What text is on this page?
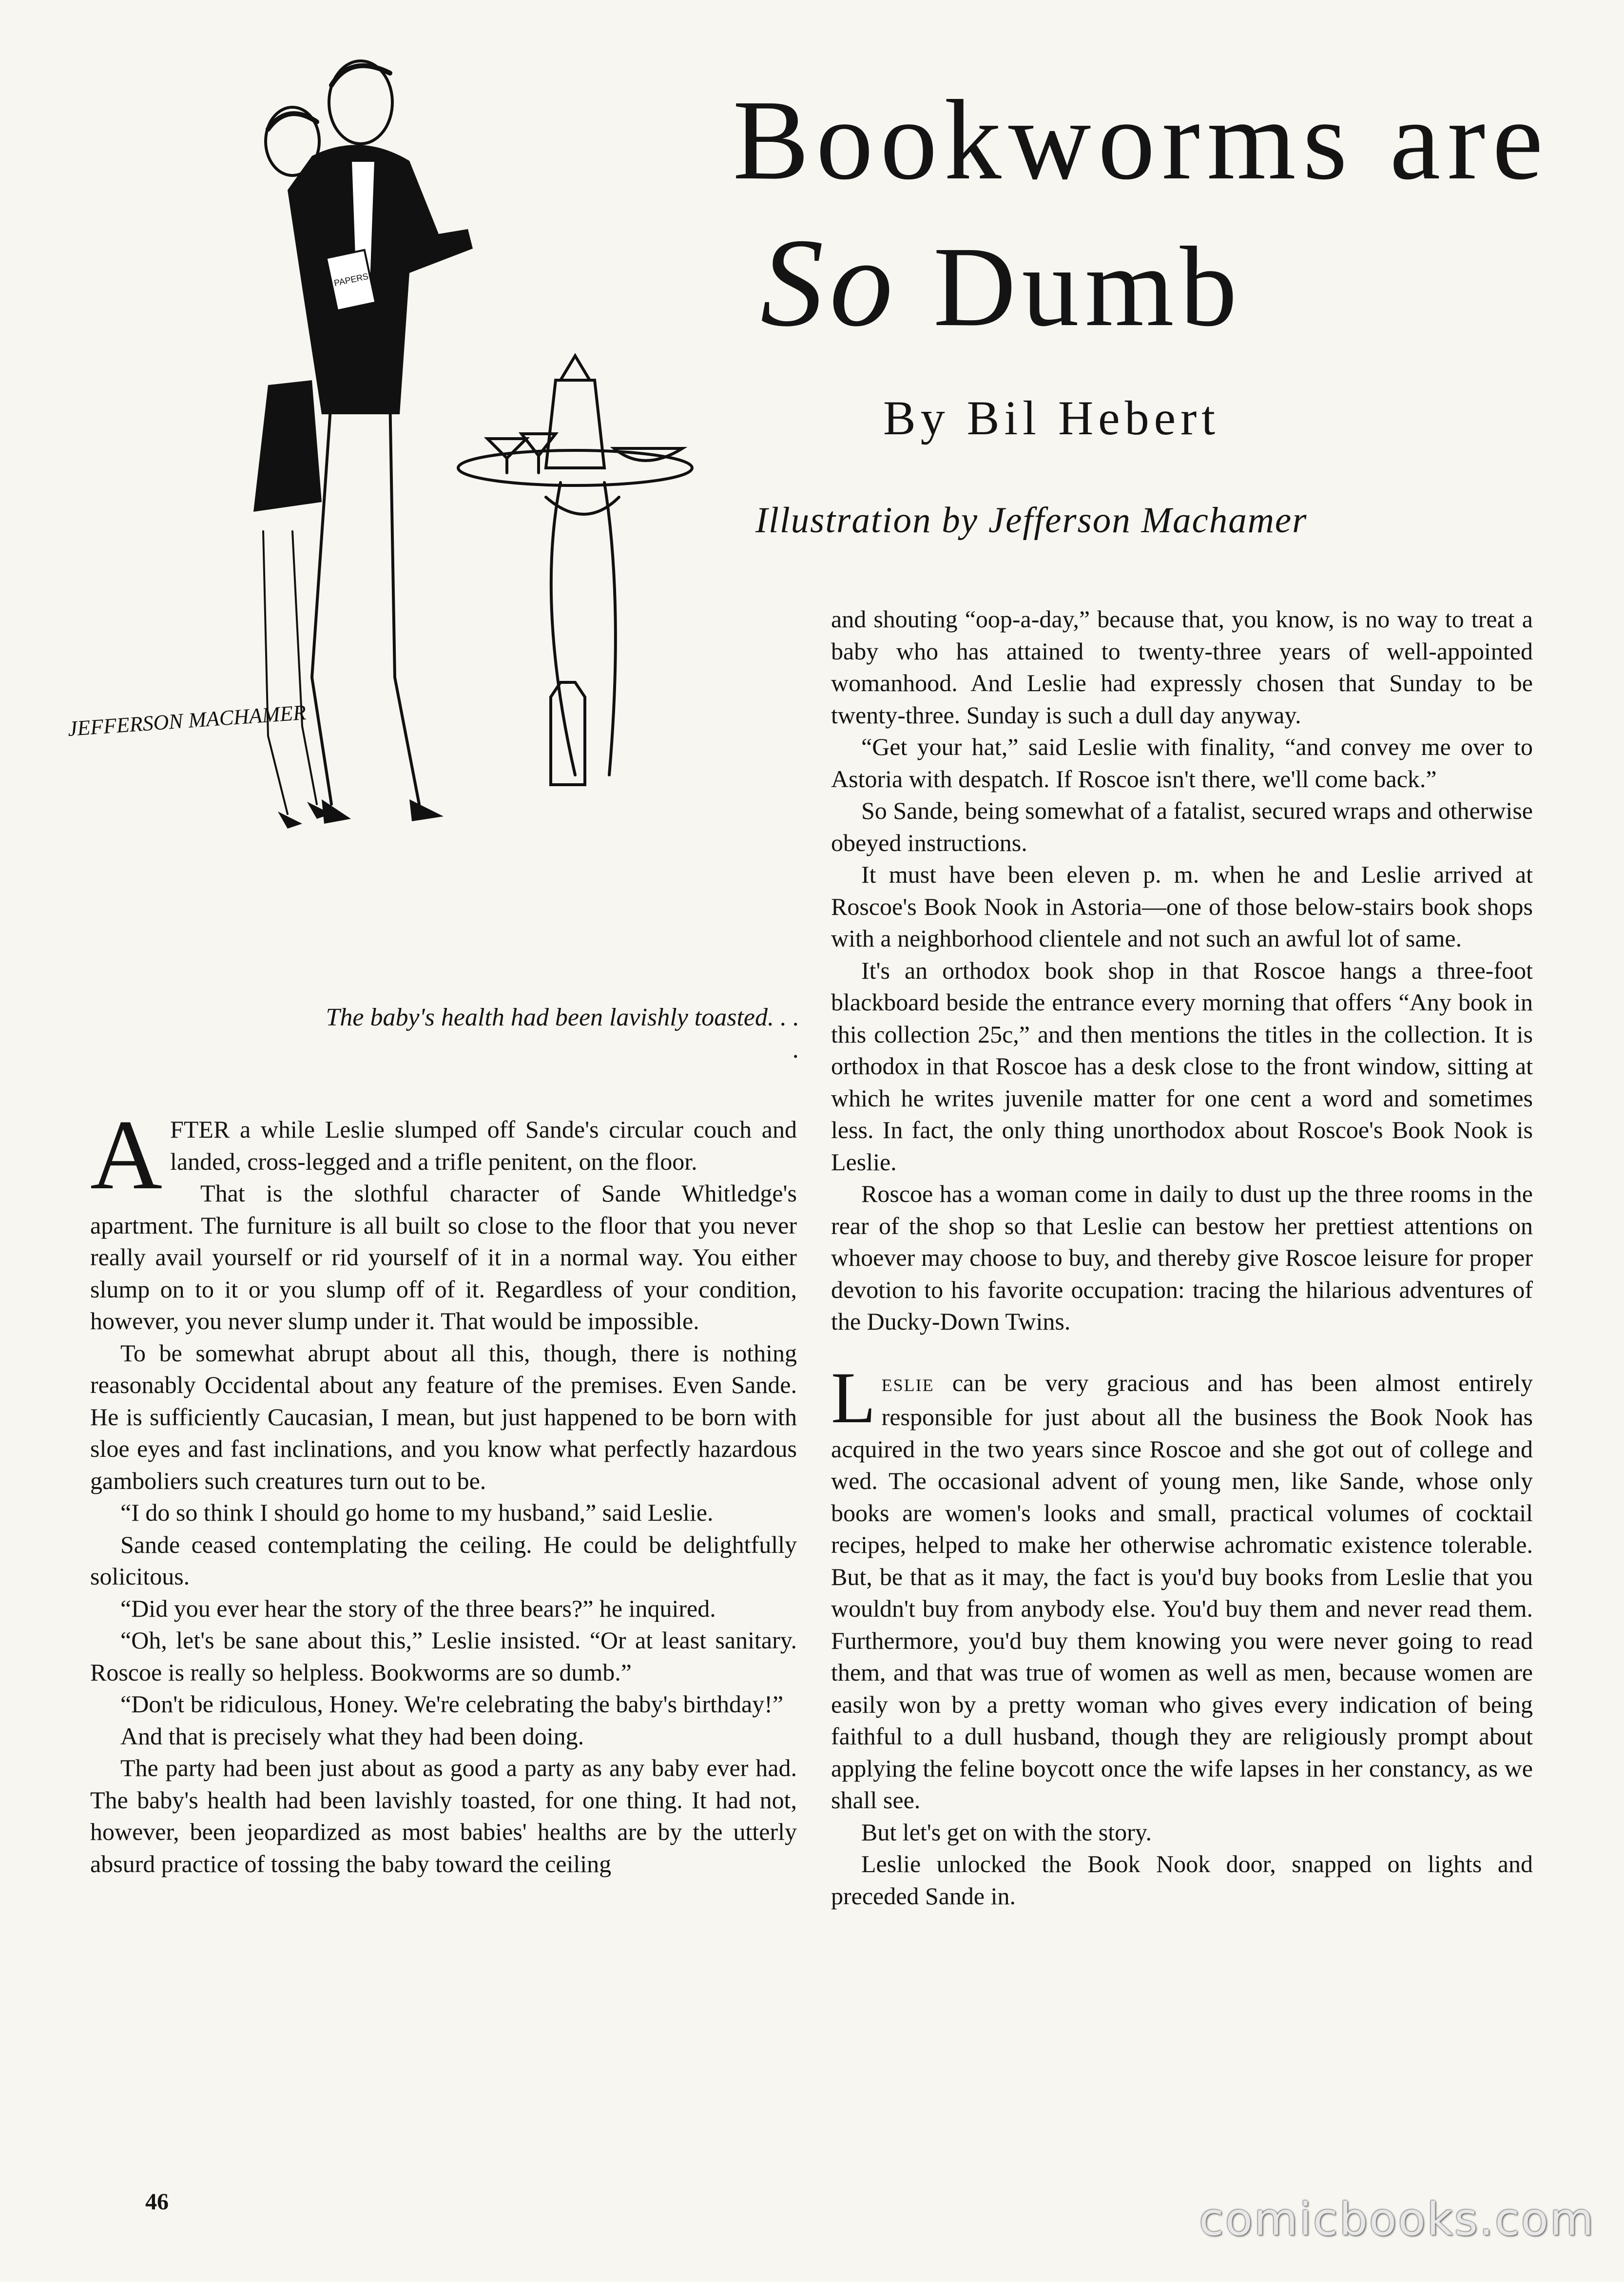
Bookworms are
So Dumb
By Bil Hebert
Illustration by Jefferson Machamer
PAPERS NOW
JEFFERSON MACHAMER
The baby's health had been lavishly toasted. . . .

AFTER a while Leslie slumped off Sande's circular couch and landed, cross-legged and a trifle penitent, on the floor.

That is the slothful character of Sande Whitledge's apartment. The furniture is all built so close to the floor that you never really avail yourself or rid yourself of it in a normal way. You either slump on to it or you slump off of it. Regardless of your condition, however, you never slump under it. That would be impossible.

To be somewhat abrupt about all this, though, there is nothing reasonably Occidental about any feature of the premises. Even Sande. He is sufficiently Caucasian, I mean, but just happened to be born with sloe eyes and fast inclinations, and you know what perfectly hazardous gamboliers such creatures turn out to be.

“I do so think I should go home to my husband,” said Leslie.

Sande ceased contemplating the ceiling. He could be delightfully solicitous.

“Did you ever hear the story of the three bears?” he inquired.

“Oh, let's be sane about this,” Leslie insisted. “Or at least sanitary. Roscoe is really so helpless. Bookworms are so dumb.”

“Don't be ridiculous, Honey. We're celebrating the baby's birthday!”

And that is precisely what they had been doing.

The party had been just about as good a party as any baby ever had. The baby's health had been lavishly toasted, for one thing. It had not, however, been jeopardized as most babies' healths are by the utterly absurd practice of tossing the baby toward the ceiling

and shouting “oop-a-day,” because that, you know, is no way to treat a baby who has attained to twenty-three years of well-appointed womanhood. And Leslie had expressly chosen that Sunday to be twenty-three. Sunday is such a dull day anyway.

“Get your hat,” said Leslie with finality, “and convey me over to Astoria with despatch. If Roscoe isn't there, we'll come back.”

So Sande, being somewhat of a fatalist, secured wraps and otherwise obeyed instructions.

It must have been eleven p. m. when he and Leslie arrived at Roscoe's Book Nook in Astoria—one of those below-stairs book shops with a neighborhood clientele and not such an awful lot of same.

It's an orthodox book shop in that Roscoe hangs a three-foot blackboard beside the entrance every morning that offers “Any book in this collection 25c,” and then mentions the titles in the collection. It is orthodox in that Roscoe has a desk close to the front window, sitting at which he writes juvenile matter for one cent a word and sometimes less. In fact, the only thing unorthodox about Roscoe's Book Nook is Leslie.

Roscoe has a woman come in daily to dust up the three rooms in the rear of the shop so that Leslie can bestow her prettiest attentions on whoever may choose to buy, and thereby give Roscoe leisure for proper devotion to his favorite occupation: tracing the hilarious adventures of the Ducky-Down Twins.

LESLIE can be very gracious and has been almost entirely responsible for just about all the business the Book Nook has acquired in the two years since Roscoe and she got out of college and wed. The occasional advent of young men, like Sande, whose only books are women's looks and small, practical volumes of cocktail recipes, helped to make her otherwise achromatic existence tolerable. But, be that as it may, the fact is you'd buy books from Leslie that you wouldn't buy from anybody else. You'd buy them and never read them. Furthermore, you'd buy them knowing you were never going to read them, and that was true of women as well as men, because women are easily won by a pretty woman who gives every indication of being faithful to a dull husband, though they are religiously prompt about applying the feline boycott once the wife lapses in her constancy, as we shall see.

But let's get on with the story.

Leslie unlocked the Book Nook door, snapped on lights and preceded Sande in.

46	comicbooks.com
